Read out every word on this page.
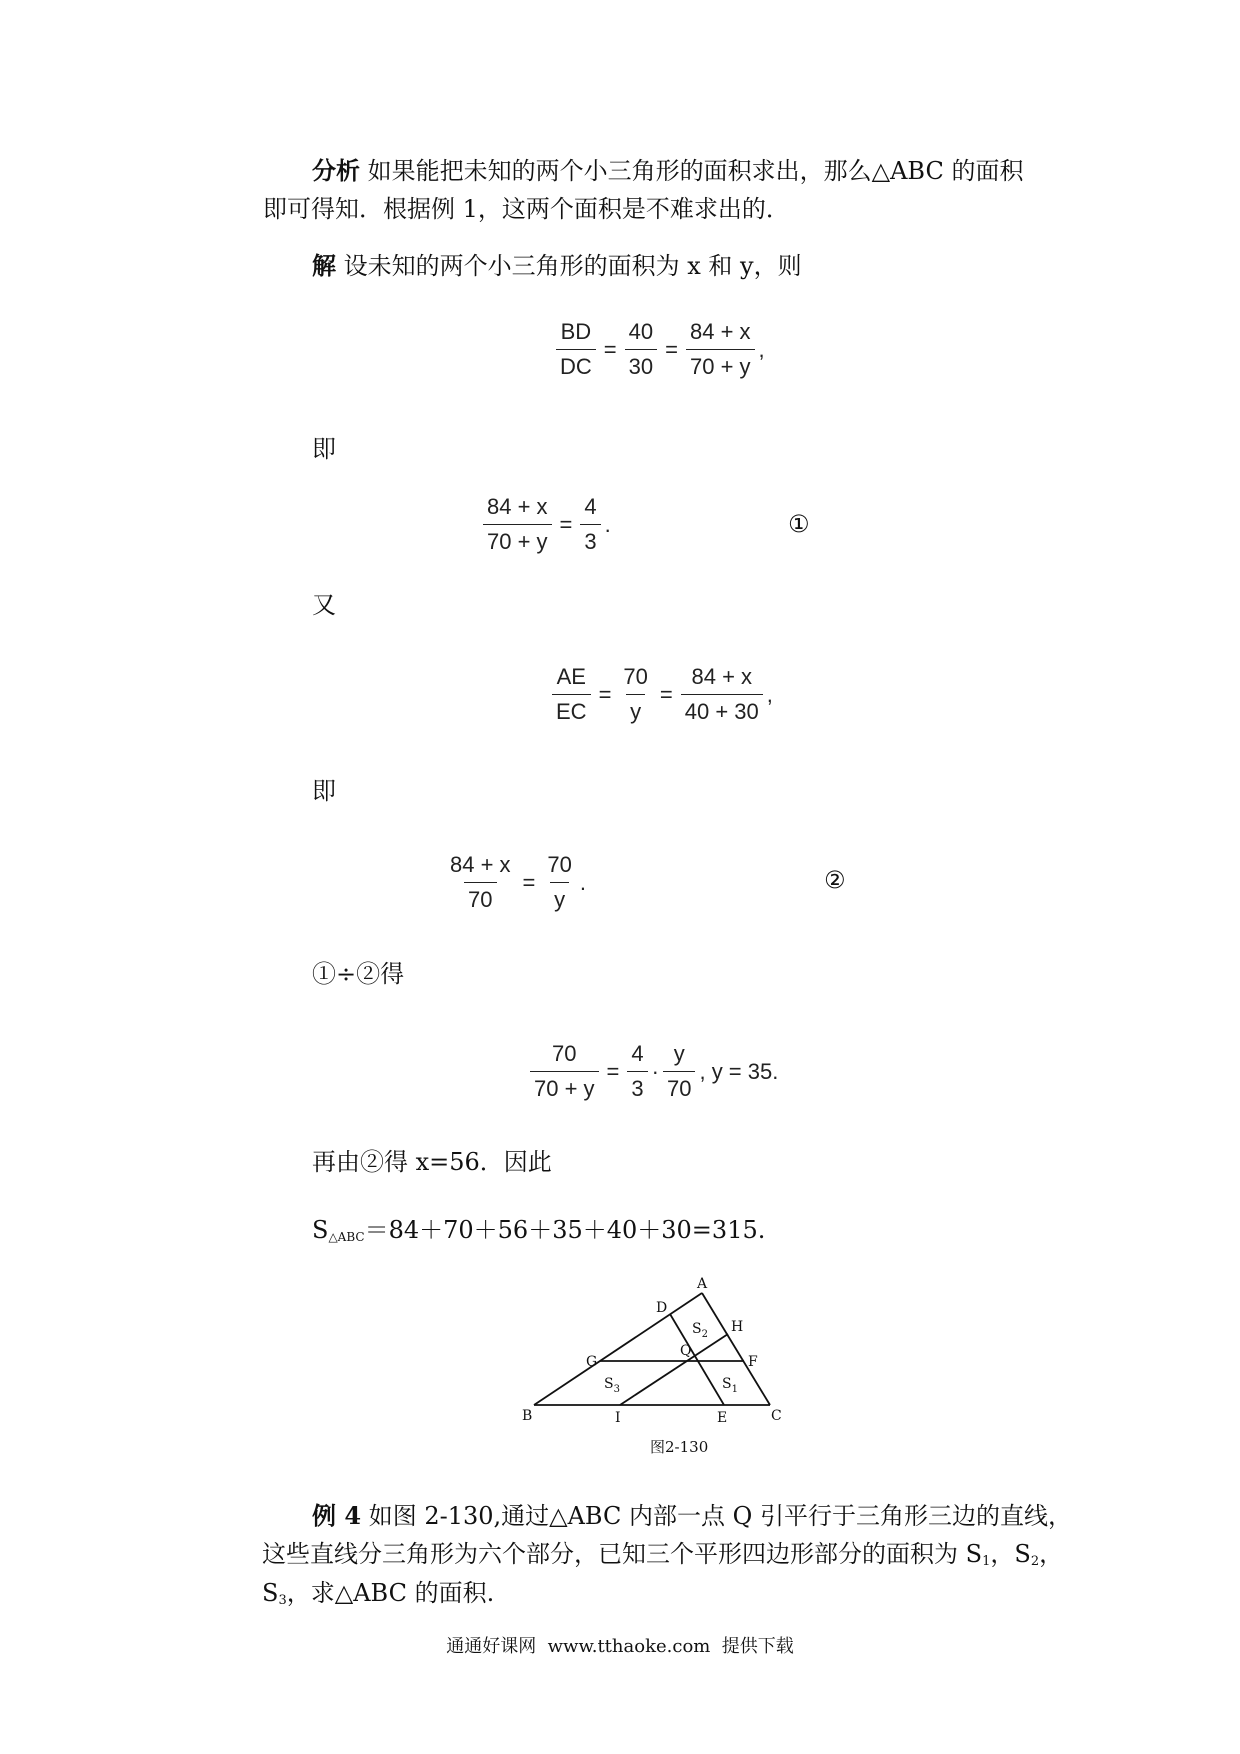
分析 如果能把未知的两个小三角形的面积求出，那么△ABC 的面积
即可得知．根据例 1，这两个面积是不难求出的．
解 设未知的两个小三角形的面积为 x 和 y，则
$\frac{BD}{DC} = \frac{40}{30} = \frac{84 + x}{70 + y}$ ,
即
$\frac{84 + x}{70 + y} = \frac{4}{3}$ .	①
又
$\frac{AE}{EC} = \frac{70}{y} = \frac{84 + x}{40 + 30}$ ,
即
$\frac{84 + x}{70} = \frac{70}{y}$ .	②
①÷②得
$\frac{70}{70 + y} = \frac{4}{3} \cdot \frac{y}{70}$ , y = 35.
再由②得 x=56．因此
S△ABC＝84＋70＋56＋35＋40＋30=315.
A
B	C
D
E
F
G
H
I
Q
$S_2$
$S_3$	$S_1$
图2-130
例 4 如图 2-130,通过△ABC 内部一点 Q 引平行于三角形三边的直线，
这些直线分三角形为六个部分，已知三个平形四边形部分的面积为 S1，S2，
S3，求△ABC 的面积.
通通好课网  www.tthaoke.com  提供下载
